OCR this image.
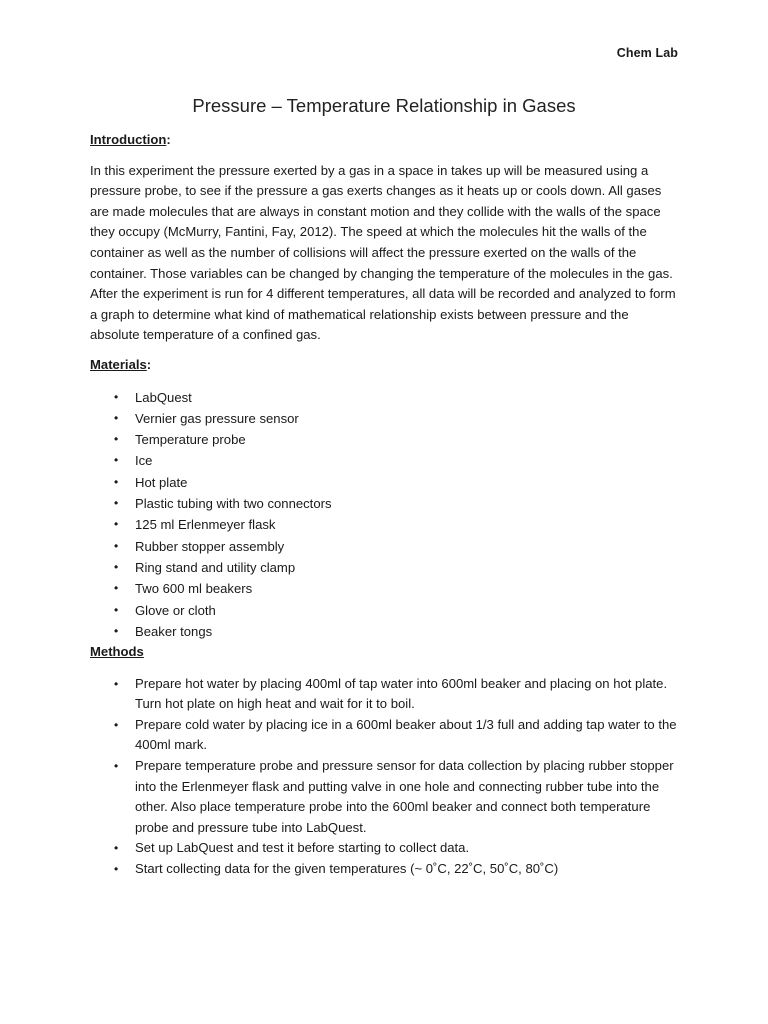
Chem Lab
Pressure – Temperature Relationship in Gases

Introduction:

In this experiment the pressure exerted by a gas in a space in takes up will be measured using a pressure probe, to see if the pressure a gas exerts changes as it heats up or cools down. All gases are made molecules that are always in constant motion and they collide with the walls of the space they occupy (McMurry, Fantini, Fay, 2012). The speed at which the molecules hit the walls of the container as well as the number of collisions will affect the pressure exerted on the walls of the container. Those variables can be changed by changing the temperature of the molecules in the gas. After the experiment is run for 4 different temperatures, all data will be recorded and analyzed to form a graph to determine what kind of mathematical relationship exists between pressure and the absolute temperature of a confined gas.

Materials:

• LabQuest
• Vernier gas pressure sensor
• Temperature probe
• Ice
• Hot plate
• Plastic tubing with two connectors
• 125 ml Erlenmeyer flask
• Rubber stopper assembly
• Ring stand and utility clamp
• Two 600 ml beakers
• Glove or cloth
• Beaker tongs

Methods

• Prepare hot water by placing 400ml of tap water into 600ml beaker and placing on hot plate. Turn hot plate on high heat and wait for it to boil.
• Prepare cold water by placing ice in a 600ml beaker about 1/3 full and adding tap water to the 400ml mark.
• Prepare temperature probe and pressure sensor for data collection by placing rubber stopper into the Erlenmeyer flask and putting valve in one hole and connecting rubber tube into the other. Also place temperature probe into the 600ml beaker and connect both temperature probe and pressure tube into LabQuest.
• Set up LabQuest and test it before starting to collect data.
• Start collecting data for the given temperatures (~ 0˚C, 22˚C, 50˚C, 80˚C)
